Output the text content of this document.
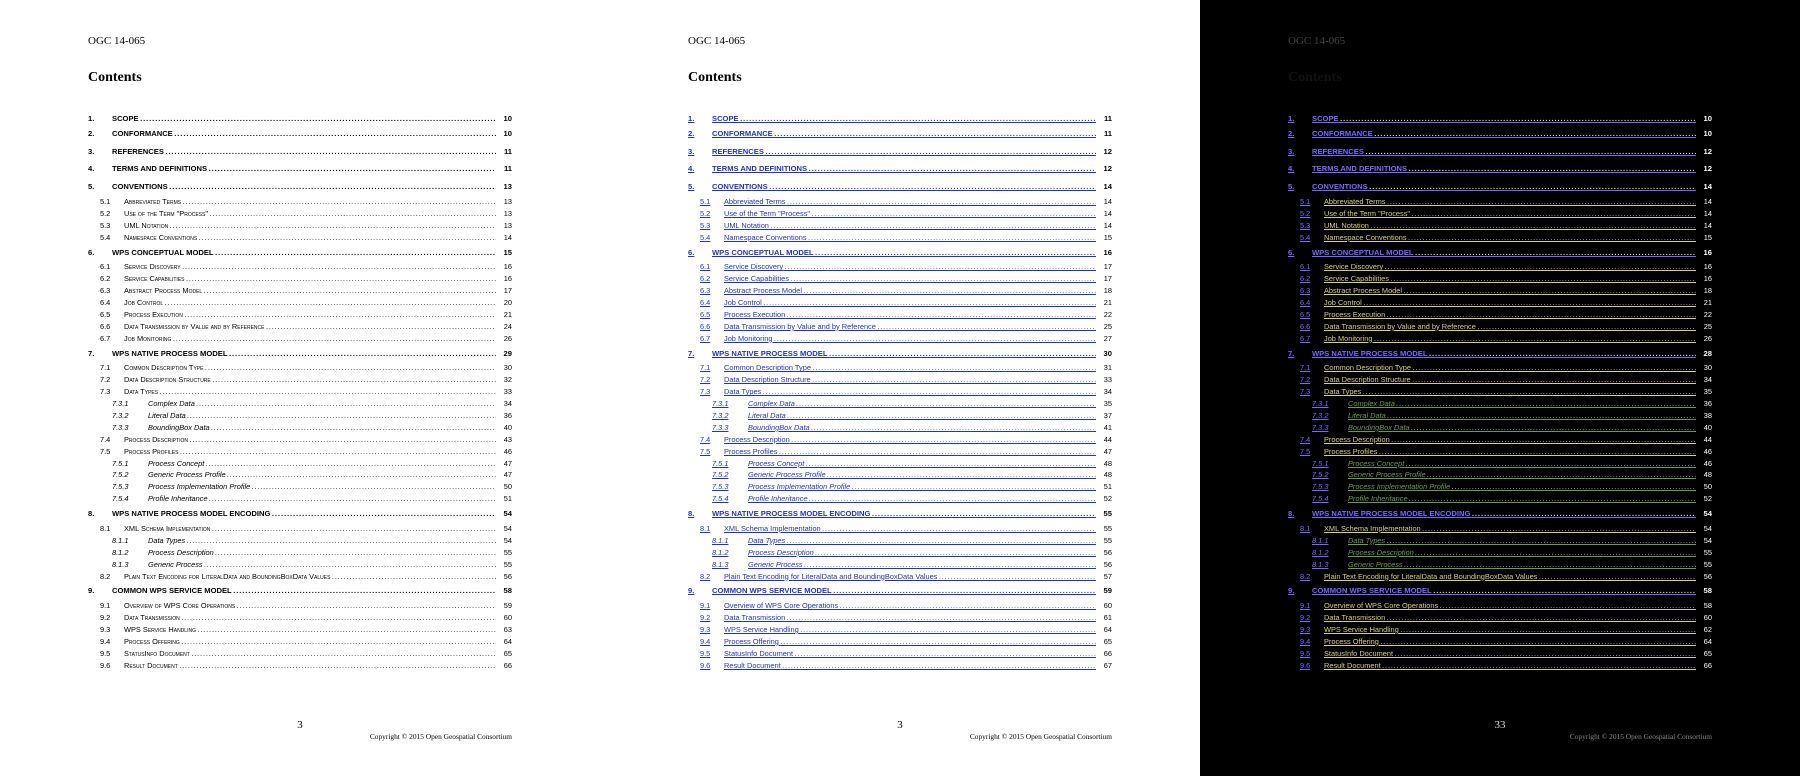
OGC 14-065
Contents
1. SCOPE . . .	10
2. CONFORMANCE . . .	10
3. REFERENCES . . .	11
4. TERMS AND DEFINITIONS . . .	11
5. CONVENTIONS . . .	13
5.1 Abbreviated Terms . . .	13
5.2 Use of the Term "Process" . . .	13
5.3 UML Notation . . .	13
5.4 Namespace Conventions . . .	14
6. WPS CONCEPTUAL MODEL . . .	15
6.1 Service Discovery . . .	16
6.2 Service Capabilities . . .	16
6.3 Abstract Process Model . . .	17
6.4 Job Control . . .	20
6.5 Process Execution . . .	21
6.6 Data Transmission by Value and by Reference . . .	24
6.7 Job Monitoring . . .	26
7. WPS NATIVE PROCESS MODEL . . .	29
7.1 Common Description Type . . .	30
7.2 Data Description Structure . . .	32
7.3 Data Types . . .	33
7.3.1	Complex Data . . .	34
7.3.2	Literal Data . . .	36
7.3.3	BoundingBox Data . . .	40
7.4 Process Description . . .	43
7.5 Process Profiles . . .	46
7.5.1	Process Concept . . .	47
7.5.2	Generic Process Profile . . .	47
7.5.3	Process Implementation Profile . . .	50
7.5.4	Profile Inheritance . . .	51
8. WPS NATIVE PROCESS MODEL ENCODING . . .	54
8.1 XML Schema Implementation . . .	54
8.1.1	Data Types . . .	54
8.1.2	Process Description . . .	55
8.1.3	Generic Process . . .	55
8.2 Plain Text Encoding for LiteralData and BoundingBoxData Values . . .	56
9. COMMON WPS SERVICE MODEL . . .	58
9.1 Overview of WPS Core Operations . . .	59
9.2 Data Transmission . . .	60
9.3 WPS Service Handling . . .	63
9.4 Process Offering . . .	64
9.5 StatusInfo Document . . .	65
9.6 Result Document . . .	66
3
Copyright © 2015 Open Geospatial Consortium
OGC 14-065
Contents
1. SCOPE . . .	11
2. CONFORMANCE . . .	11
3. REFERENCES . . .	12
4. TERMS AND DEFINITIONS . . .	12
5. CONVENTIONS . . .	14
5.1 Abbreviated Terms . . .	14
5.2 Use of the Term "Process" . . .	14
5.3 UML Notation . . .	14
5.4 Namespace Conventions . . .	15
6. WPS CONCEPTUAL MODEL . . .	16
6.1 Service Discovery . . .	17
6.2 Service Capabilities . . .	17
6.3 Abstract Process Model . . .	18
6.4 Job Control . . .	21
6.5 Process Execution . . .	22
6.6 Data Transmission by Value and by Reference . . .	25
6.7 Job Monitoring . . .	27
7. WPS NATIVE PROCESS MODEL . . .	30
7.1 Common Description Type . . .	31
7.2 Data Description Structure . . .	33
7.3 Data Types . . .	34
7.3.1	Complex Data . . .	35
7.3.2	Literal Data . . .	37
7.3.3	BoundingBox Data . . .	41
7.4 Process Description . . .	44
7.5 Process Profiles . . .	47
7.5.1	Process Concept . . .	48
7.5.2	Generic Process Profile . . .	48
7.5.3	Process Implementation Profile . . .	51
7.5.4	Profile Inheritance . . .	52
8. WPS NATIVE PROCESS MODEL ENCODING . . .	55
8.1 XML Schema Implementation . . .	55
8.1.1	Data Types . . .	55
8.1.2	Process Description . . .	56
8.1.3	Generic Process . . .	56
8.2 Plain Text Encoding for LiteralData and BoundingBoxData Values . . .	57
9. COMMON WPS SERVICE MODEL . . .	59
9.1 Overview of WPS Core Operations . . .	60
9.2 Data Transmission . . .	61
9.3 WPS Service Handling . . .	64
9.4 Process Offering . . .	65
9.5 StatusInfo Document . . .	66
9.6 Result Document . . .	67
3
Copyright © 2015 Open Geospatial Consortium
OGC 14-065
Contents
1. SCOPE . . .	10
2. CONFORMANCE . . .	10
3. REFERENCES . . .	12
4. TERMS AND DEFINITIONS . . .	12
5. CONVENTIONS . . .	14
5.1 Abbreviated Terms . . .	14
5.2 Use of the Term "Process" . . .	14
5.3 UML Notation . . .	14
5.4 Namespace Conventions . . .	15
6. WPS CONCEPTUAL MODEL . . .	16
6.1 Service Discovery . . .	16
6.2 Service Capabilities . . .	16
6.3 Abstract Process Model . . .	18
6.4 Job Control . . .	21
6.5 Process Execution . . .	22
6.6 Data Transmission by Value and by Reference . . .	25
6.7 Job Monitoring . . .	26
7. WPS NATIVE PROCESS MODEL . . .	28
7.1 Common Description Type . . .	30
7.2 Data Description Structure . . .	34
7.3 Data Types . . .	35
7.3.1	Complex Data . . .	36
7.3.2	Literal Data . . .	38
7.3.3	BoundingBox Data . . .	40
7.4 Process Description . . .	44
7.5 Process Profiles . . .	46
7.5.1	Process Concept . . .	46
7.5.2	Generic Process Profile . . .	48
7.5.3	Process Implementation Profile . . .	50
7.5.4	Profile Inheritance . . .	52
8. WPS NATIVE PROCESS MODEL ENCODING . . .	54
8.1 XML Schema Implementation . . .	54
8.1.1	Data Types . . .	54
8.1.2	Process Description . . .	55
8.1.3	Generic Process . . .	55
8.2 Plain Text Encoding for LiteralData and BoundingBoxData Values . . .	56
9. COMMON WPS SERVICE MODEL . . .	58
9.1 Overview of WPS Core Operations . . .	58
9.2 Data Transmission . . .	60
9.3 WPS Service Handling . . .	62
9.4 Process Offering . . .	64
9.5 StatusInfo Document . . .	65
9.6 Result Document . . .	66
33
Copyright © 2015 Open Geospatial Consortium
